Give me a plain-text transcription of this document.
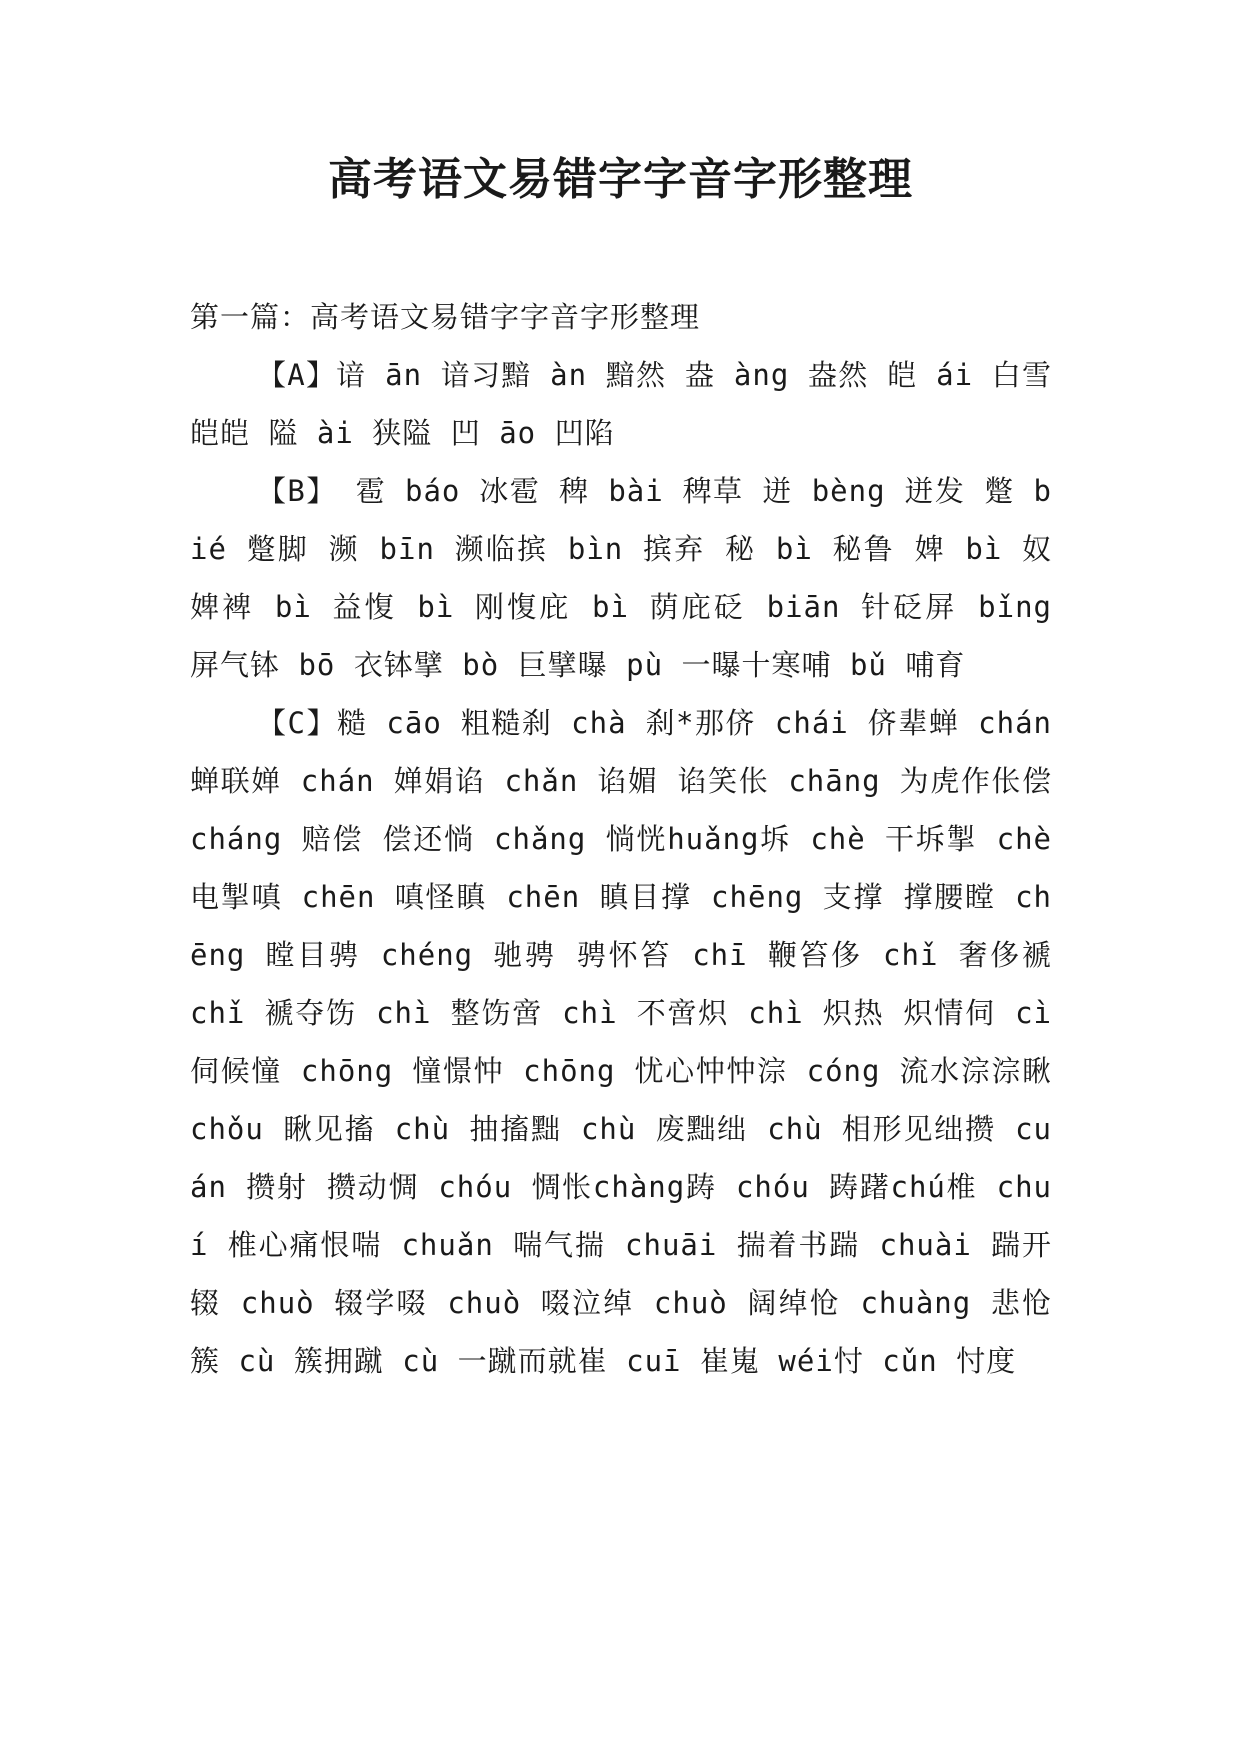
高考语文易错字字音字形整理
第一篇：高考语文易错字字音字形整理

【A】谙 ān 谙习黯 àn 黯然 盎 àng 盎然 皑 ái 白雪皑皑 隘 ài 狭隘 凹 āo 凹陷

【B】 雹 báo 冰雹 稗 bài 稗草 迸 bèng 迸发 蹩 bié 蹩脚 濒 bīn 濒临摈 bìn 摈弃 秘 bì 秘鲁 婢 bì 奴婢裨 bì 益愎 bì 刚愎庇 bì 荫庇砭 biān 针砭屏 bǐng 屏气钵 bō 衣钵擘 bò 巨擘曝 pù 一曝十寒哺 bǔ 哺育

【C】糙 cāo 粗糙刹 chà 刹*那侪 chái 侪辈蝉 chán 蝉联婵 chán 婵娟谄 chǎn 谄媚 谄笑伥 chāng 为虎作伥偿 cháng 赔偿 偿还惝 chǎng 惝恍huǎng坼 chè 干坼掣 chè 电掣嗔 chēn 嗔怪瞋 chēn 瞋目撑 chēng 支撑 撑腰瞠 chēng 瞠目骋 chéng 驰骋 骋怀笞 chī 鞭笞侈 chǐ 奢侈褫 chǐ 褫夺饬 chì 整饬啻 chì 不啻炽 chì 炽热 炽情伺 cì 伺候憧 chōng 憧憬忡 chōng 忧心忡忡淙 cóng 流水淙淙瞅 chǒu 瞅见搐 chù 抽搐黜 chù 废黜绌 chù 相形见绌攒 cuán 攒射 攒动惆 chóu 惆怅chàng踌 chóu 踌躇chú椎 chuí 椎心痛恨喘 chuǎn 喘气揣 chuāi 揣着书踹 chuài 踹开辍 chuò 辍学啜 chuò 啜泣绰 chuò 阔绰怆 chuàng 悲怆簇 cù 簇拥蹴 cù 一蹴而就崔 cuī 崔嵬 wéi忖 cǔn 忖度
